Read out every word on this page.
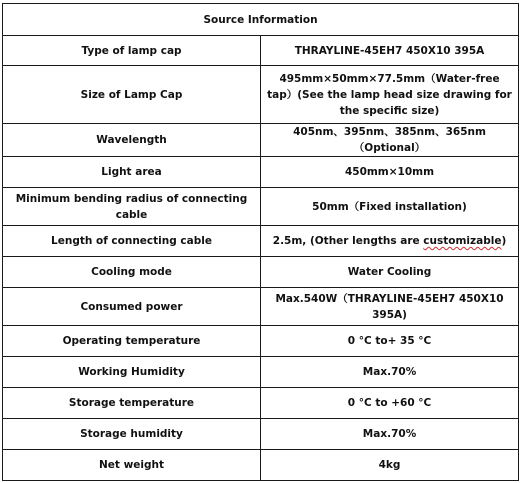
Source Information	
Type of lamp cap	THRAYLINE-45EH7 450X10 395A
Size of Lamp Cap	495mm×50mm×77.5mm（Water-free tap）(See the lamp head size drawing for the specific size)
Wavelength	405nm、395nm、385nm、365nm（Optional）
Light area	450mm×10mm
Minimum bending radius of connecting cable	50mm（Fixed installation)
Length of connecting cable	2.5m, (Other lengths are customizable)
Cooling mode	Water Cooling
Consumed power	Max.540W（THRAYLINE-45EH7 450X10 395A)
Operating temperature	0 °C to+ 35 °C
Working Humidity	Max.70%
Storage temperature	0 °C to +60 °C
Storage humidity	Max.70%
Net weight	4kg
